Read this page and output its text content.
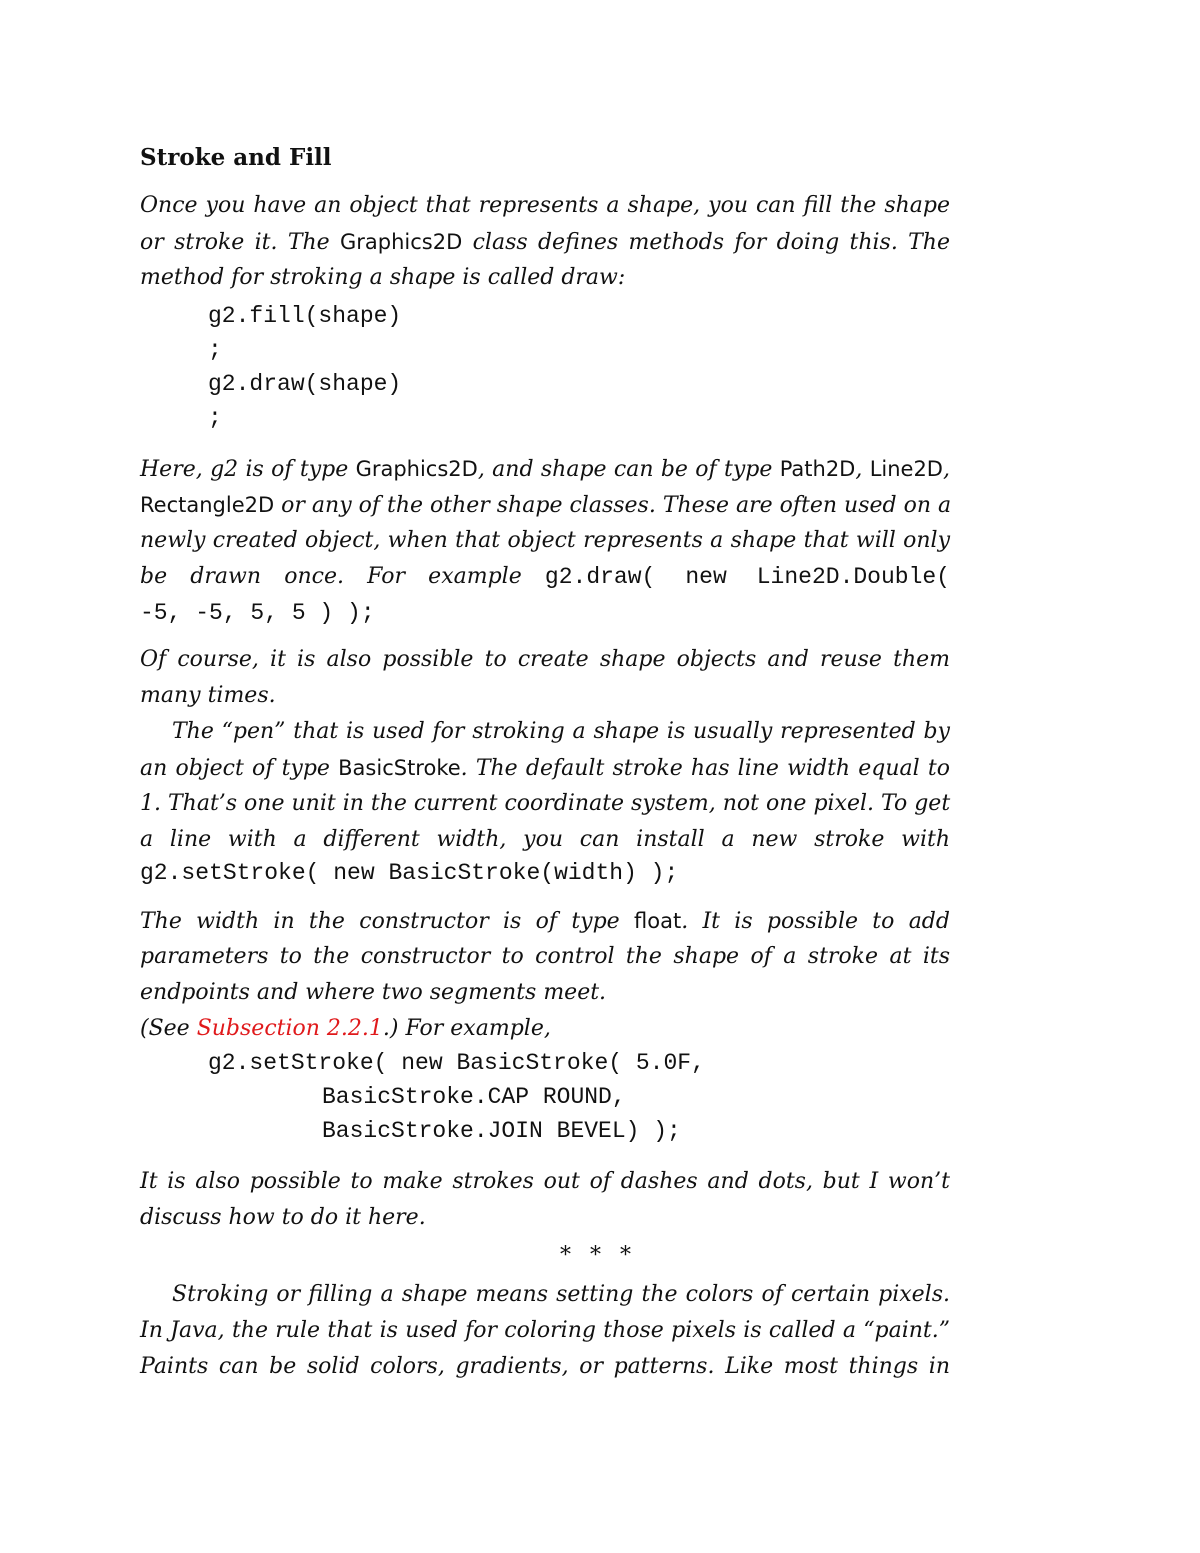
Stroke and Fill
Once you have an object that represents a shape, you can fill the shape
or stroke it. The Graphics2D class defines methods for doing this. The
method for stroking a shape is called draw:
g2.fill(shape)
;
g2.draw(shape)
;
Here, g2 is of type Graphics2D, and shape can be of type Path2D, Line2D,
Rectangle2D or any of the other shape classes. These are often used on a
newly created object, when that object represents a shape that will only
be drawn once. For example g2.draw( new Line2D.Double(
-5, -5, 5, 5 ) );
Of course, it is also possible to create shape objects and reuse them
many times.
The “pen” that is used for stroking a shape is usually represented by
an object of type BasicStroke. The default stroke has line width equal to
1. That’s one unit in the current coordinate system, not one pixel. To get
a line with a different width, you can install a new stroke with
g2.setStroke( new BasicStroke(width) );
The width in the constructor is of type float. It is possible to add
parameters to the constructor to control the shape of a stroke at its
endpoints and where two segments meet.
(See Subsection 2.2.1.) For example,
g2.setStroke( new BasicStroke( 5.0F,
BasicStroke.CAP ROUND,
BasicStroke.JOIN BEVEL) );
It is also possible to make strokes out of dashes and dots, but I won’t
discuss how to do it here.
* * *
Stroking or filling a shape means setting the colors of certain pixels.
In Java, the rule that is used for coloring those pixels is called a “paint.”
Paints can be solid colors, gradients, or patterns. Like most things in
